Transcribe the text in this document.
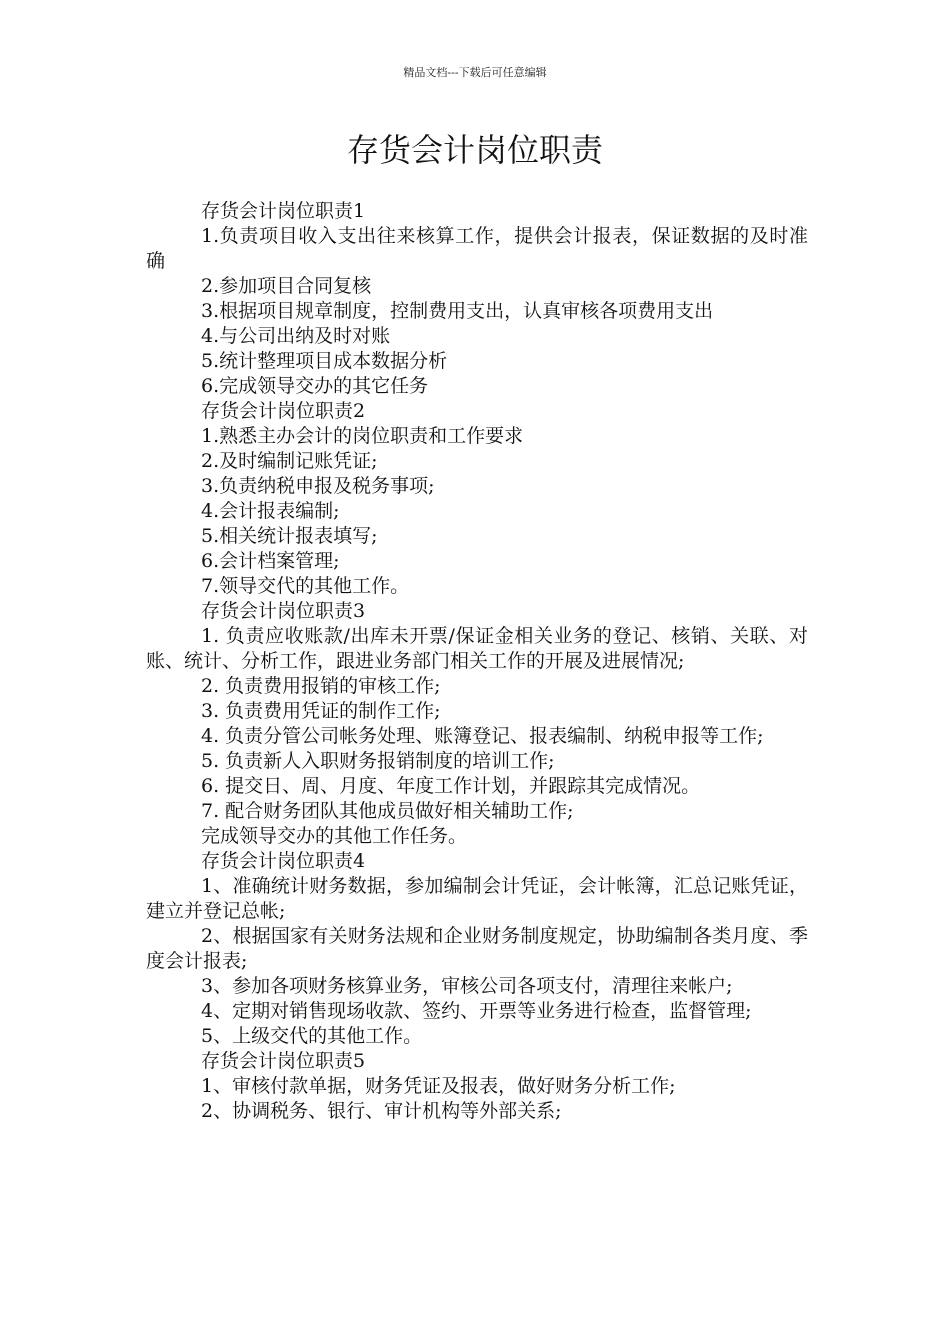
精品文档---下载后可任意编辑
存货会计岗位职责

存货会计岗位职责1

1.负责项目收入支出往来核算工作，提供会计报表，保证数据的及时准确

2.参加项目合同复核

3.根据项目规章制度，控制费用支出，认真审核各项费用支出

4.与公司出纳及时对账

5.统计整理项目成本数据分析

6.完成领导交办的其它任务

存货会计岗位职责2

1.熟悉主办会计的岗位职责和工作要求

2.及时编制记账凭证;

3.负责纳税申报及税务事项;

4.会计报表编制;

5.相关统计报表填写;

6.会计档案管理;

7.领导交代的其他工作。

存货会计岗位职责3

1. 负责应收账款/出库未开票/保证金相关业务的登记、核销、关联、对账、统计、分析工作，跟进业务部门相关工作的开展及进展情况;

2. 负责费用报销的审核工作;

3. 负责费用凭证的制作工作;

4. 负责分管公司帐务处理、账簿登记、报表编制、纳税申报等工作;

5. 负责新人入职财务报销制度的培训工作;

6. 提交日、周、月度、年度工作计划，并跟踪其完成情况。

7. 配合财务团队其他成员做好相关辅助工作;

完成领导交办的其他工作任务。

存货会计岗位职责4

1、准确统计财务数据，参加编制会计凭证，会计帐簿，汇总记账凭证，建立并登记总帐;

2、根据国家有关财务法规和企业财务制度规定，协助编制各类月度、季度会计报表;

3、参加各项财务核算业务，审核公司各项支付，清理往来帐户;

4、定期对销售现场收款、签约、开票等业务进行检查，监督管理;

5、上级交代的其他工作。

存货会计岗位职责5

1、审核付款单据，财务凭证及报表，做好财务分析工作;

2、协调税务、银行、审计机构等外部关系;
